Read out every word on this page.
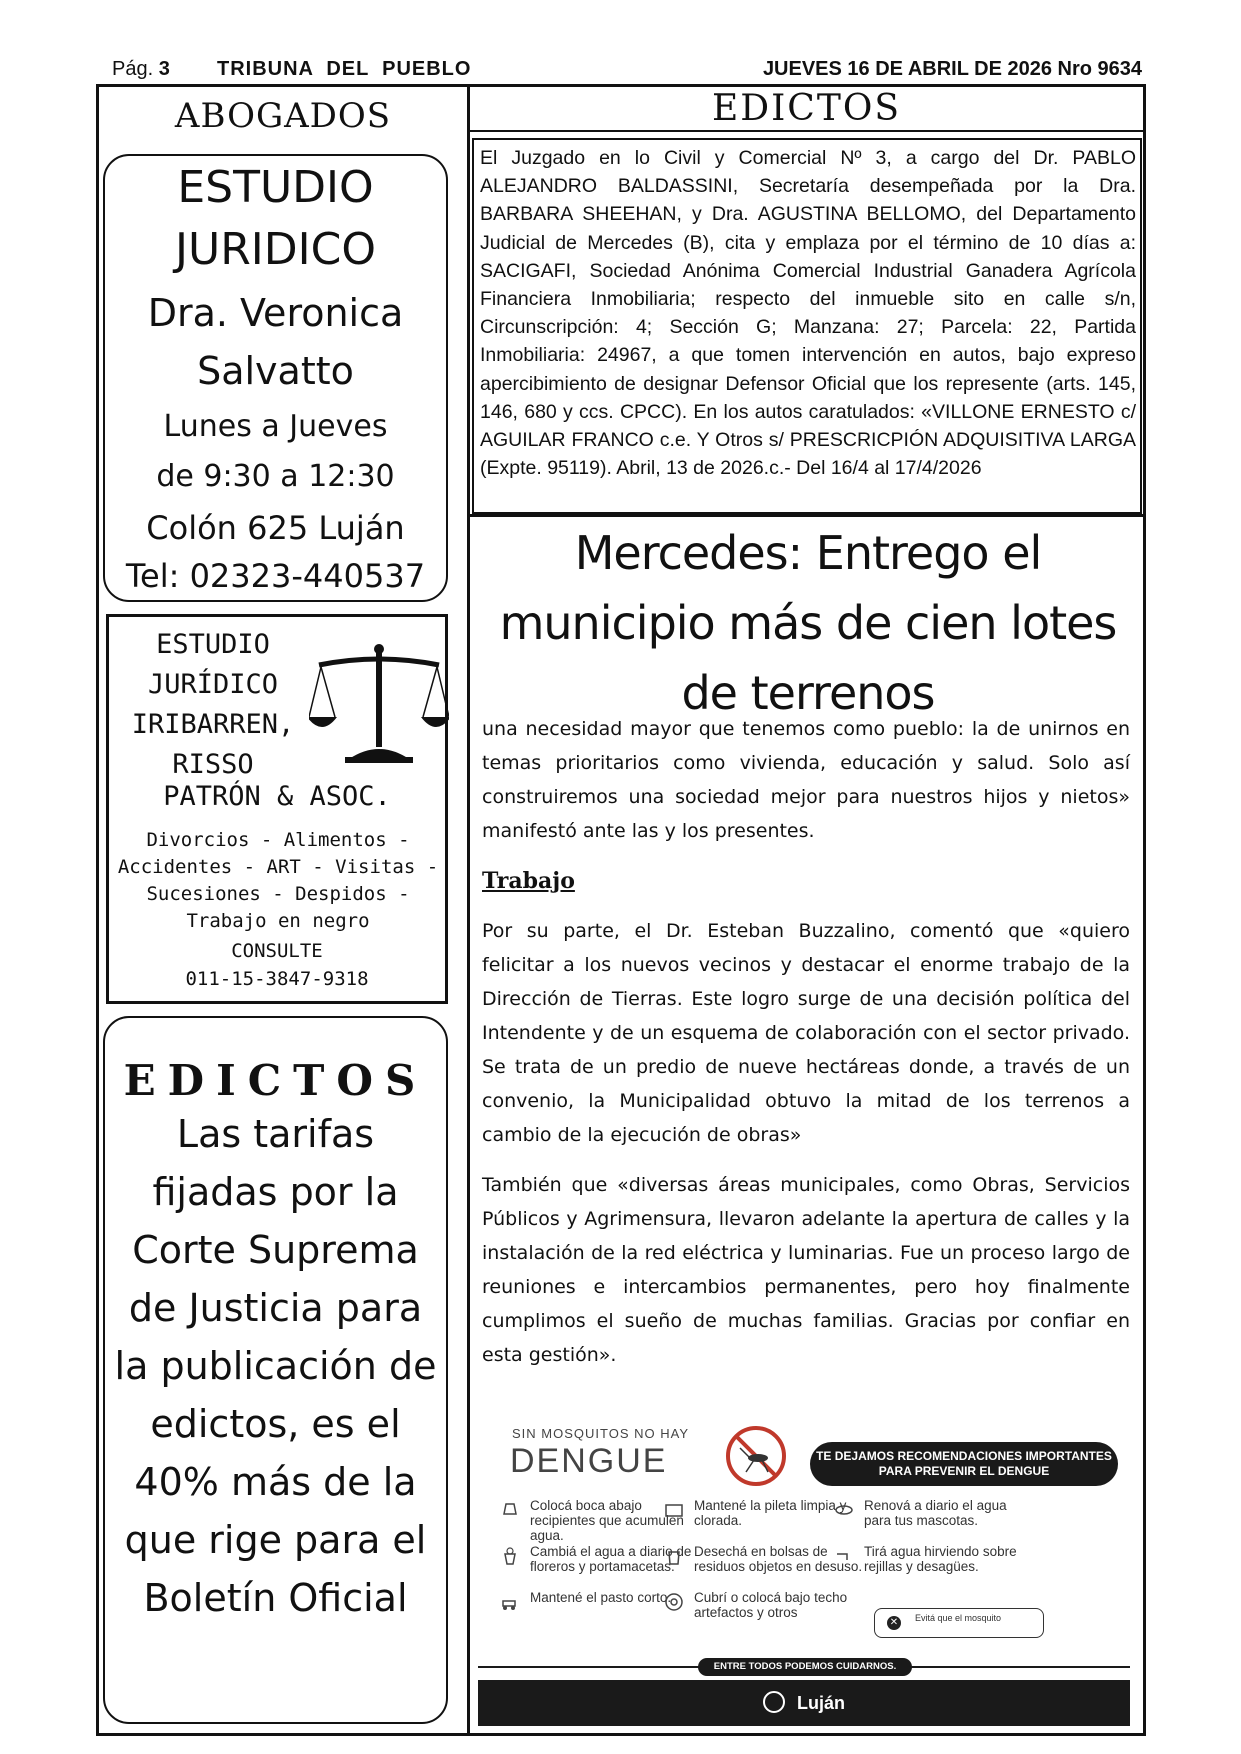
Pág. 3 TRIBUNA  DEL  PUEBLO	JUEVES 16 DE ABRIL DE 2026 Nro 9634
ABOGADOS
ESTUDIO
JURIDICO
Dra. Veronica
Salvatto
Lunes a Jueves
de 9:30 a 12:30
Colón 625 Luján
Tel: 02323-440537
ESTUDIO
JURÍDICO
IRIBARREN,
RISSO
PATRÓN & ASOC.
Divorcios - Alimentos - Accidentes - ART - Visitas - Sucesiones - Despidos - Trabajo en negro
CONSULTE
011-15-3847-9318
EDICTOS
Las tarifas fijadas por la Corte Suprema de Justicia para la publicación de edictos, es el 40% más de la que rige para el Boletín Oficial
EDICTOS
El Juzgado en lo Civil y Comercial Nº 3, a cargo del Dr. PABLO ALEJANDRO BALDASSINI, Secretaría desempeñada por la Dra. BARBARA SHEEHAN, y Dra. AGUSTINA BELLOMO, del Departamento Judicial de Mercedes (B), cita y emplaza por el término de 10 días a: SACIGAFI, Sociedad Anónima Comercial Industrial Ganadera Agrícola Financiera Inmobiliaria; respecto del inmueble sito en calle s/n, Circunscripción: 4; Sección G; Manzana: 27; Parcela: 22, Partida Inmobiliaria: 24967, a que tomen intervención en autos, bajo expreso apercibimiento de designar Defensor Oficial que los represente (arts. 145, 146, 680 y ccs. CPCC). En los autos caratulados: «VILLONE ERNESTO c/ AGUILAR FRANCO c.e. Y Otros s/ PRESCRICPIÓN ADQUISITIVA LARGA (Expte. 95119). Abril, 13 de 2026.c.- Del 16/4 al 17/4/2026
Mercedes: Entrego el municipio más de cien lotes de terrenos

una necesidad mayor que tenemos como pueblo: la de unirnos en temas prioritarios como vivienda, educación y salud. Solo así construiremos una sociedad mejor para nuestros hijos y nietos» manifestó ante las y los presentes.

Trabajo

Por su parte, el Dr. Esteban Buzzalino, comentó que «quiero felicitar a los nuevos vecinos y destacar el enorme trabajo de la Dirección de Tierras. Este logro surge de una decisión política del Intendente y de un esquema de colaboración con el sector privado. Se trata de un predio de nueve hectáreas donde, a través de un convenio, la Municipalidad obtuvo la mitad de los terrenos a cambio de la ejecución de obras»

También que «diversas áreas municipales, como Obras, Servicios Públicos y Agrimensura, llevaron adelante la apertura de calles y la instalación de la red eléctrica y luminarias. Fue un proceso largo de reuniones e intercambios permanentes, pero hoy finalmente cumplimos el sueño de muchas familias. Gracias por confiar en esta gestión».

SIN MOSQUITOS NO HAY
DENGUE	TE DEJAMOS RECOMENDACIONES IMPORTANTES PARA PREVENIR EL DENGUE
Colocá boca abajo recipientes que acumulen agua.
Mantené la pileta limpia y clorada.
Renová a diario el agua para tus mascotas.
Cambiá el agua a diario de floreros y portamacetas.
Desechá en bolsas de residuos objetos en desuso.
Tirá agua hirviendo sobre rejillas y desagües.
Mantené el pasto corto.	Cubrí o colocá bajo techo artefactos y otros
✕	Evitá que el mosquito
ENTRE TODOS PODEMOS CUIDARNOS.
Luján
